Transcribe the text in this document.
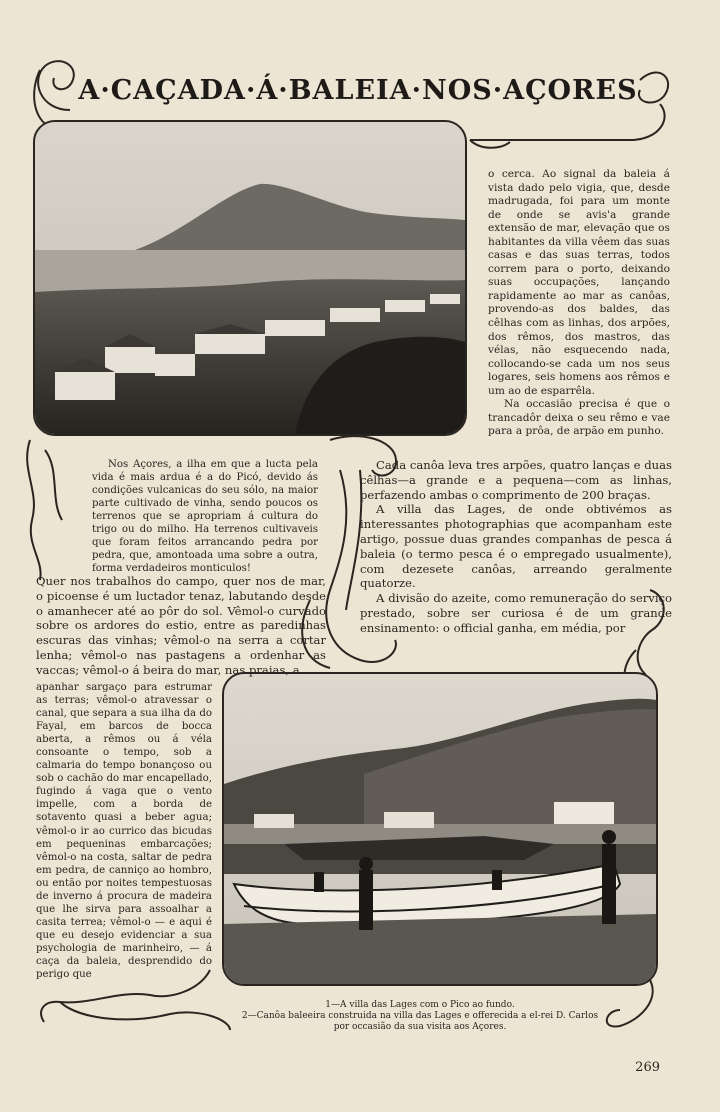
A·CAÇADA·Á·BALEIA·NOS·AÇORES

o cerca. Ao signal da baleia á vista dado pelo vigia, que, desde madrugada, foi para um monte de onde se avis'a grande extensão de mar, elevação que os habitantes da villa vêem das suas casas e das suas terras, todos correm para o porto, deixando suas occupações, lançando rapidamente ao mar as canôas, provendo-as dos baldes, das cêlhas com as linhas, dos arpões, dos rêmos, dos mastros, das vélas, não esquecendo nada, collocando-se cada um nos seus logares, seis homens aos rêmos e um ao de esparrêla.

Na occasião precisa é que o trancadôr deixa o seu rêmo e vae para a prôa, de arpão em punho.

Cada canôa leva tres arpões, quatro lanças e duas cêlhas—a grande e a pequena—com as linhas, perfazendo ambas o comprimento de 200 braças.

A villa das Lages, de onde obtivémos as interessantes photographias que acompanham este artigo, possue duas grandes companhas de pesca á baleia (o termo pesca é o empregado usualmente), com dezesete canôas, arreando geralmente quatorze.

A divisão do azeite, como remuneração do serviço prestado, sobre ser curiosa é de um grande ensinamento: o official ganha, em média, por

Nos Açores, a ilha em que a lucta pela vida é mais ardua é a do Picó, devido ás condições vulcanicas do seu sólo, na maior parte cultivado de vinha, sendo poucos os terrenos que se apropriam á cultura do trigo ou do milho. Ha terrenos cultivaveis que foram feitos arrancando pedra por pedra, que, amontoada uma sobre a outra, forma verdadeiros monticulos!

Quer nos trabalhos do campo, quer nos de mar, o picoense é um luctador tenaz, labutando desde o amanhecer até ao pôr do sol. Vêmol-o curvado sobre os ardores do estio, entre as paredinhas escuras das vinhas; vêmol-o na serra a cortar lenha; vêmol-o nas pastagens a ordenhar as vaccas; vêmol-o á beira do mar, nas praias, a

apanhar sargaço para estrumar as terras; vêmol-o atravessar o canal, que separa a sua ilha da do Fayal, em barcos de bocca aberta, a rêmos ou á véla consoante o tempo, sob a calmaria do tempo bonançoso ou sob o cachão do mar encapellado, fugindo á vaga que o vento impelle, com a borda de sotavento quasi a beber agua; vêmol-o ir ao currico das bicudas em pequeninas embarcações; vêmol-o na costa, saltar de pedra em pedra, de canniço ao hombro, ou então por noites tempestuosas de inverno á procura de madeira que lhe sirva para assoalhar a casita terrea; vêmol-o — e aqui é que eu desejo evidenciar a sua psychologia de marinheiro, — á caça da baleia, desprendido do perigo que

1—A villa das Lages com o Pico ao fundo.
2—Canôa baleeira construida na villa das Lages e offerecida a el-rei D. Carlos
por occasião da sua visita aos Açores.
269
